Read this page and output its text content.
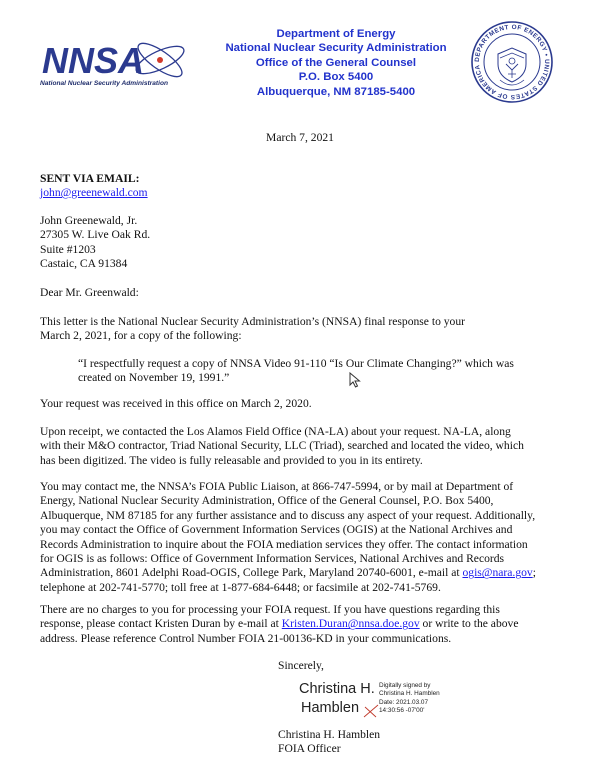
NNSA
National Nuclear Security Administration
Department of Energy
National Nuclear Security Administration
Office of the General Counsel
P.O. Box 5400
Albuquerque, NM 87185-5400
DEPARTMENT OF ENERGY • UNITED STATES OF AMERICA
March 7, 2021
SENT VIA EMAIL:
john@greenewald.com
John Greenewald, Jr.
27305 W. Live Oak Rd.
Suite #1203
Castaic, CA 91384
Dear Mr. Greenwald:
This letter is the National Nuclear Security Administration’s (NNSA) final response to your
March 2, 2021, for a copy of the following:
“I respectfully request a copy of NNSA Video 91-110 “Is Our Climate Changing?” which was
created on November 19, 1991.”
Your request was received in this office on March 2, 2020.
Upon receipt, we contacted the Los Alamos Field Office (NA-LA) about your request. NA-LA, along
with their M&O contractor, Triad National Security, LLC (Triad), searched and located the video, which
has been digitized. The video is fully releasable and provided to you in its entirety.
You may contact me, the NNSA’s FOIA Public Liaison, at 866-747-5994, or by mail at Department of
Energy, National Nuclear Security Administration, Office of the General Counsel, P.O. Box 5400,
Albuquerque, NM 87185 for any further assistance and to discuss any aspect of your request. Additionally,
you may contact the Office of Government Information Services (OGIS) at the National Archives and
Records Administration to inquire about the FOIA mediation services they offer. The contact information
for OGIS is as follows: Office of Government Information Services, National Archives and Records
Administration, 8601 Adelphi Road-OGIS, College Park, Maryland 20740-6001, e-mail at ogis@nara.gov;
telephone at 202-741-5770; toll free at 1-877-684-6448; or facsimile at 202-741-5769.
There are no charges to you for processing your FOIA request. If you have questions regarding this
response, please contact Kristen Duran by e-mail at Kristen.Duran@nnsa.doe.gov or write to the above
address. Please reference Control Number FOIA 21-00136-KD in your communications.
Sincerely,
Christina H.
Hamblen
Digitally signed by
Christina H. Hamblen
Date: 2021.03.07
14:30:56 -07'00'
Christina H. Hamblen
FOIA Officer
